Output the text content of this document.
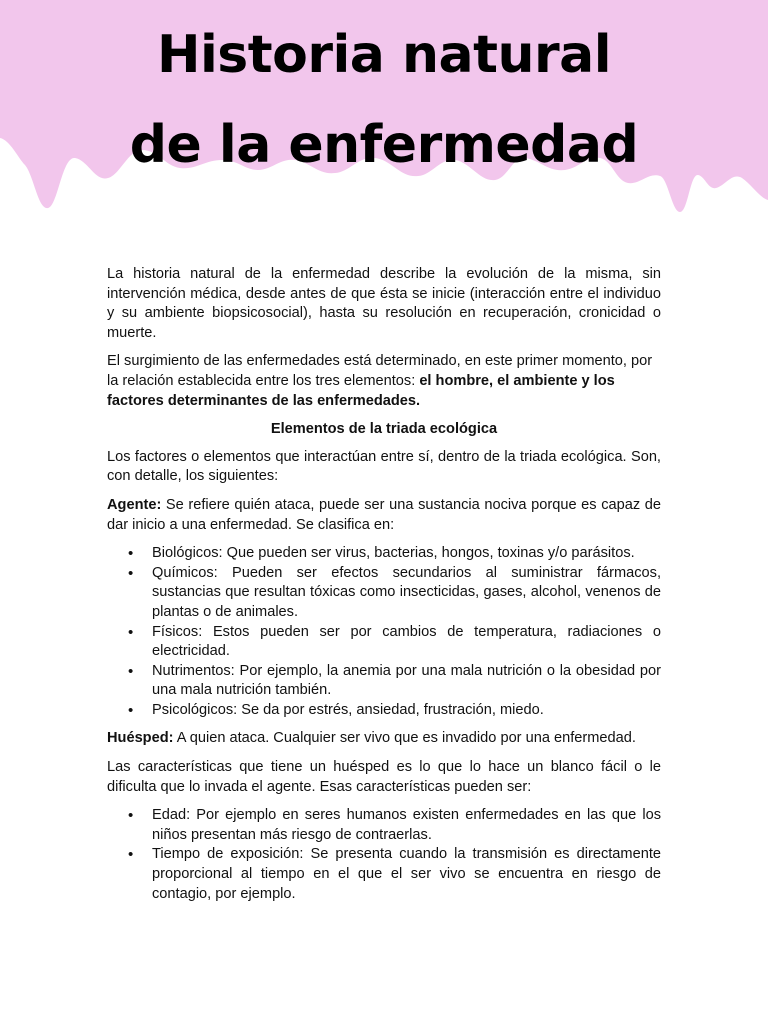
Historia natural
de la enfermedad

La historia natural de la enfermedad describe la evolución de la misma, sin intervención médica, desde antes de que ésta se inicie (interacción entre el individuo y su ambiente biopsicosocial), hasta su resolución en recuperación, cronicidad o muerte.

El surgimiento de las enfermedades está determinado, en este primer momento, por la relación establecida entre los tres elementos: el hombre, el ambiente y los factores determinantes de las enfermedades.

Elementos de la triada ecológica

Los factores o elementos que interactúan entre sí, dentro de la triada ecológica. Son, con detalle, los siguientes:

Agente: Se refiere quién ataca, puede ser una sustancia nociva porque es capaz de dar inicio a una enfermedad. Se clasifica en:

• Biológicos: Que pueden ser virus, bacterias, hongos, toxinas y/o parásitos.
• Químicos: Pueden ser efectos secundarios al suministrar fármacos, sustancias que resultan tóxicas como insecticidas, gases, alcohol, venenos de plantas o de animales.
• Físicos: Estos pueden ser por cambios de temperatura, radiaciones o electricidad.
• Nutrimentos: Por ejemplo, la anemia por una mala nutrición o la obesidad por una mala nutrición también.
• Psicológicos: Se da por estrés, ansiedad, frustración, miedo.

Huésped: A quien ataca. Cualquier ser vivo que es invadido por una enfermedad.

Las características que tiene un huésped es lo que lo hace un blanco fácil o le dificulta que lo invada el agente. Esas características pueden ser:

• Edad: Por ejemplo en seres humanos existen enfermedades en las que los niños presentan más riesgo de contraerlas.
• Tiempo de exposición: Se presenta cuando la transmisión es directamente proporcional al tiempo en el que el ser vivo se encuentra en riesgo de contagio, por ejemplo.
